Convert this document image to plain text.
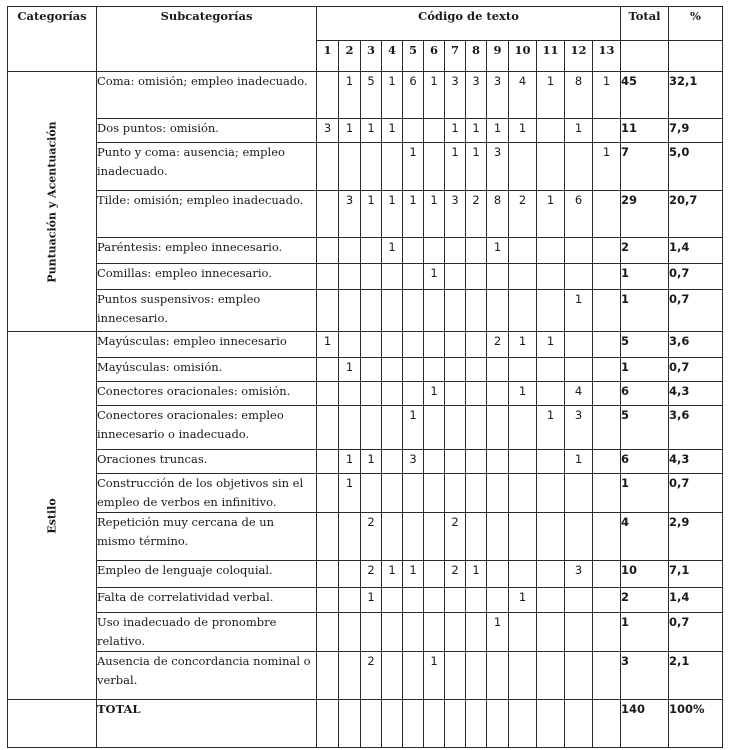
Categorías	Subcategorías	Código de texto													Total	%
		1	2	3	4	5	6	7	8	9	10	11	12	13		

Puntuación y Acentuación	Coma: omisión; empleo inadecuado.		1	5	1	6	1	3	3	3	4	1	8	1	45	32,1
	Dos puntos: omisión.	3	1	1	1			1	1	1	1		1		11	7,9
	Punto y coma: ausencia; empleo inadecuado.					1		1	1	3				1	7	5,0
	Tilde: omisión; empleo inadecuado.		3	1	1	1	1	3	2	8	2	1	6		29	20,7
	Paréntesis: empleo innecesario.				1					1					2	1,4
	Comillas: empleo innecesario.						1								1	0,7
	Puntos suspensivos: empleo innecesario.												1		1	0,7

Estilo	Mayúsculas: empleo innecesario	1								2	1	1			5	3,6
	Mayúsculas: omisión.		1												1	0,7
	Conectores oracionales: omisión.						1				1		4		6	4,3
	Conectores oracionales: empleo innecesario o inadecuado.					1						1	3		5	3,6
	Oraciones truncas.		1	1		3							1		6	4,3
	Construcción de los objetivos sin el empleo de verbos en infinitivo.		1												1	0,7
	Repetición muy cercana de un mismo término.			2				2							4	2,9
	Empleo de lenguaje coloquial.			2	1	1		2	1				3		10	7,1
	Falta de correlatividad verbal.			1							1				2	1,4
	Uso inadecuado de pronombre relativo.									1					1	0,7
	Ausencia de concordancia nominal o verbal.			2			1								3	2,1
	TOTAL														140	100%
